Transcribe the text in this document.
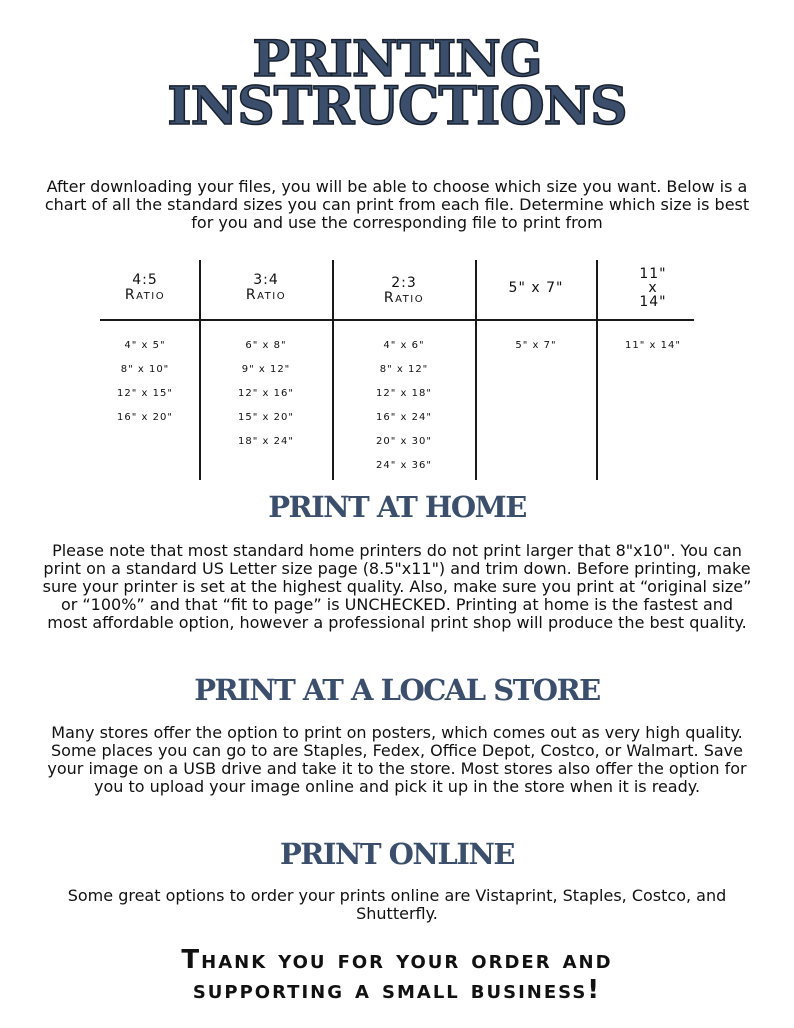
PRINTING
INSTRUCTIONS

After downloading your files, you will be able to choose which size you want. Below is a chart of all the standard sizes you can print from each file. Determine which size is best for you and use the corresponding file to print from

4:5
Ratio
4" x 5"
8" x 10"
12" x 15"
16" x 20"
3:4
Ratio
6" x 8"
9" x 12"
12" x 16"
15" x 20"
18" x 24"
2:3
Ratio
4" x 6"
8" x 12"
12" x 18"
16" x 24"
20" x 30"
24" x 36"
5" x 7"
5" x 7"
11"
x
14"
11" x 14"
PRINT AT HOME

Please note that most standard home printers do not print larger that 8"x10". You can print on a standard US Letter size page (8.5"x11") and trim down. Before printing, make sure your printer is set at the highest quality. Also, make sure you print at “original size” or “100%” and that “fit to page” is UNCHECKED. Printing at home is the fastest and most affordable option, however a professional print shop will produce the best quality.

PRINT AT A LOCAL STORE

Many stores offer the option to print on posters, which comes out as very high quality. Some places you can go to are Staples, Fedex, Office Depot, Costco, or Walmart. Save your image on a USB drive and take it to the store. Most stores also offer the option for you to upload your image online and pick it up in the store when it is ready.

PRINT ONLINE

Some great options to order your prints online are Vistaprint, Staples, Costco, and Shutterfly.

Thank you for your order and
supporting a small business!
